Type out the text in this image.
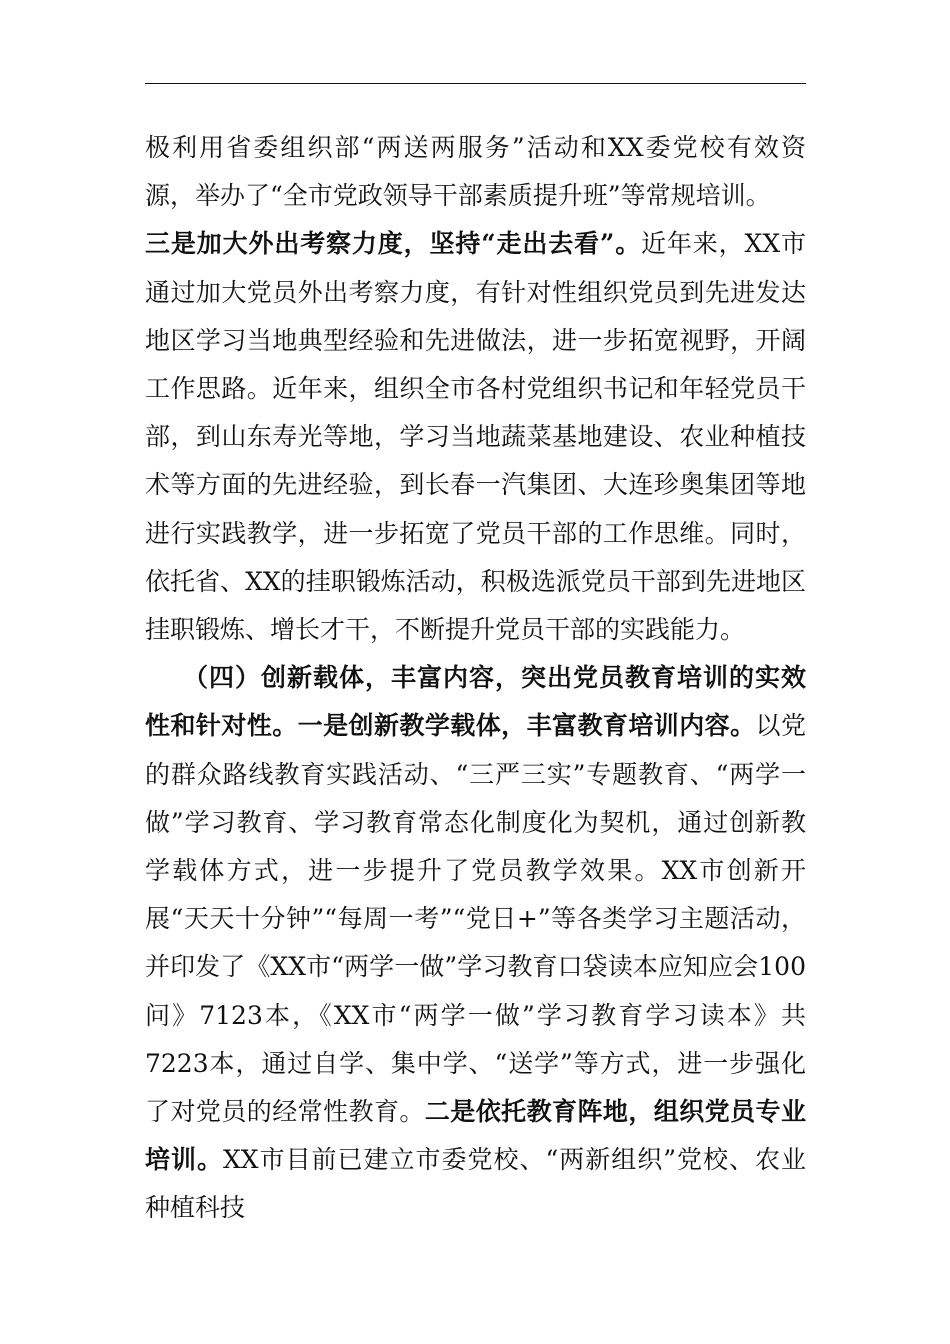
极利用省委组织部“两送两服务”活动和XX委党校有效资源，举办了“全市党政领导干部素质提升班”等常规培训。

三是加大外出考察力度，坚持“走出去看”。近年来，XX市通过加大党员外出考察力度，有针对性组织党员到先进发达地区学习当地典型经验和先进做法，进一步拓宽视野，开阔工作思路。近年来，组织全市各村党组织书记和年轻党员干部，到山东寿光等地，学习当地蔬菜基地建设、农业种植技术等方面的先进经验，到长春一汽集团、大连珍奥集团等地进行实践教学，进一步拓宽了党员干部的工作思维。同时，依托省、XX的挂职锻炼活动，积极选派党员干部到先进地区挂职锻炼、增长才干，不断提升党员干部的实践能力。

（四）创新载体，丰富内容，突出党员教育培训的实效性和针对性。一是创新教学载体，丰富教育培训内容。以党的群众路线教育实践活动、“三严三实”专题教育、“两学一做”学习教育、学习教育常态化制度化为契机，通过创新教学载体方式，进一步提升了党员教学效果。XX市创新开展“天天十分钟”“每周一考”“党日+”等各类学习主题活动，并印发了《XX市“两学一做”学习教育口袋读本应知应会100问》7123本，《XX市“两学一做”学习教育学习读本》共7223本，通过自学、集中学、“送学”等方式，进一步强化了对党员的经常性教育。二是依托教育阵地，组织党员专业培训。XX市目前已建立市委党校、“两新组织”党校、农业种植科技
